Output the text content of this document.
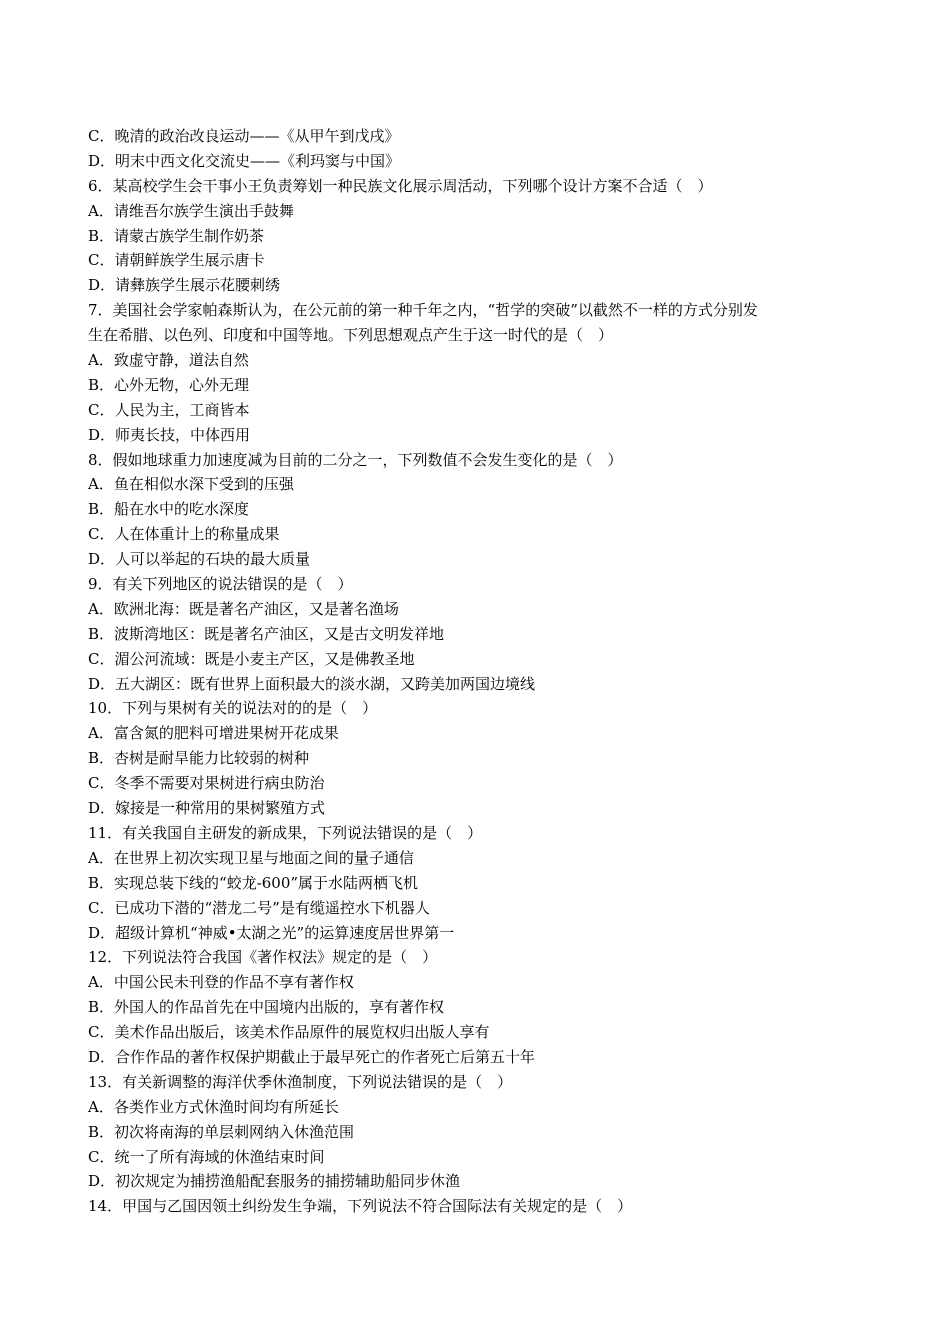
C．晚清的政治改良运动——《从甲午到戊戌》
D．明末中西文化交流史——《利玛窦与中国》
6．某高校学生会干事小王负责筹划一种民族文化展示周活动，下列哪个设计方案不合适（　）
A．请维吾尔族学生演出手鼓舞
B．请蒙古族学生制作奶茶
C．请朝鲜族学生展示唐卡
D．请彝族学生展示花腰刺绣
7．美国社会学家帕森斯认为，在公元前的第一种千年之内，“哲学的突破”以截然不一样的方式分别发
生在希腊、以色列、印度和中国等地。下列思想观点产生于这一时代的是（　）
A．致虚守静，道法自然
B．心外无物，心外无理
C．人民为主，工商皆本
D．师夷长技，中体西用
8．假如地球重力加速度减为目前的二分之一，下列数值不会发生变化的是（　）
A．鱼在相似水深下受到的压强
B．船在水中的吃水深度
C．人在体重计上的称量成果
D．人可以举起的石块的最大质量
9．有关下列地区的说法错误的是（　）
A．欧洲北海：既是著名产油区，又是著名渔场
B．波斯湾地区：既是著名产油区，又是古文明发祥地
C．湄公河流域：既是小麦主产区，又是佛教圣地
D．五大湖区：既有世界上面积最大的淡水湖，又跨美加两国边境线
10．下列与果树有关的说法对的的是（　）
A．富含氮的肥料可增进果树开花成果
B．杏树是耐旱能力比较弱的树种
C．冬季不需要对果树进行病虫防治
D．嫁接是一种常用的果树繁殖方式
11．有关我国自主研发的新成果，下列说法错误的是（　）
A．在世界上初次实现卫星与地面之间的量子通信
B．实现总装下线的“蛟龙-600”属于水陆两栖飞机
C．已成功下潜的“潜龙二号”是有缆遥控水下机器人
D．超级计算机“神威•太湖之光”的运算速度居世界第一
12．下列说法符合我国《著作权法》规定的是（　）
A．中国公民未刊登的作品不享有著作权
B．外国人的作品首先在中国境内出版的，享有著作权
C．美术作品出版后，该美术作品原件的展览权归出版人享有
D．合作作品的著作权保护期截止于最早死亡的作者死亡后第五十年
13．有关新调整的海洋伏季休渔制度，下列说法错误的是（　）
A．各类作业方式休渔时间均有所延长
B．初次将南海的单层刺网纳入休渔范围
C．统一了所有海域的休渔结束时间
D．初次规定为捕捞渔船配套服务的捕捞辅助船同步休渔
14．甲国与乙国因领土纠纷发生争端，下列说法不符合国际法有关规定的是（　）
